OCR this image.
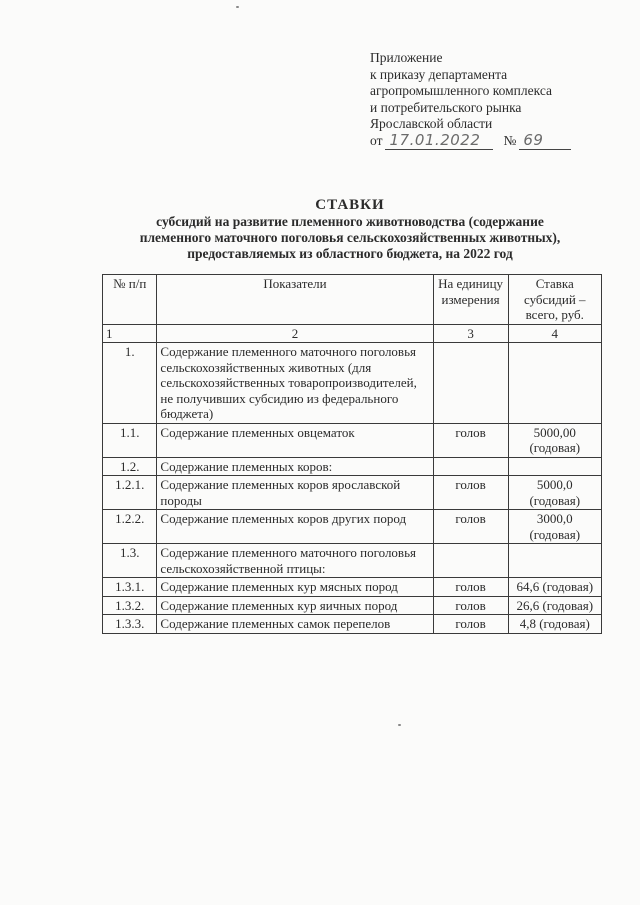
Приложение
к приказу департамента
агропромышленного комплекса
и потребительского рынка
Ярославской области
от 17.01.2022 № 69
СТАВКИ
субсидий на развитие племенного животноводства (содержание
племенного маточного поголовья сельскохозяйственных животных),
предоставляемых из областного бюджета, на 2022 год
№ п/п	Показатели	На единицу измерения	Ставка субсидий – всего, руб.
1	2	3	4
1.	Содержание племенного маточного поголовья сельскохозяйственных животных (для сельскохозяйственных товаропроизводителей, не получивших субсидию из федерального бюджета)		
1.1.	Содержание племенных овцематок	голов	5000,00 (годовая)
1.2.	Содержание племенных коров:		
1.2.1.	Содержание племенных коров ярославской породы	голов	5000,0 (годовая)
1.2.2.	Содержание племенных коров других пород	голов	3000,0 (годовая)
1.3.	Содержание племенного маточного поголовья сельскохозяйственной птицы:		
1.3.1.	Содержание племенных кур мясных пород	голов	64,6 (годовая)
1.3.2.	Содержание племенных кур яичных пород	голов	26,6 (годовая)
1.3.3.	Содержание племенных самок перепелов	голов	4,8 (годовая)
